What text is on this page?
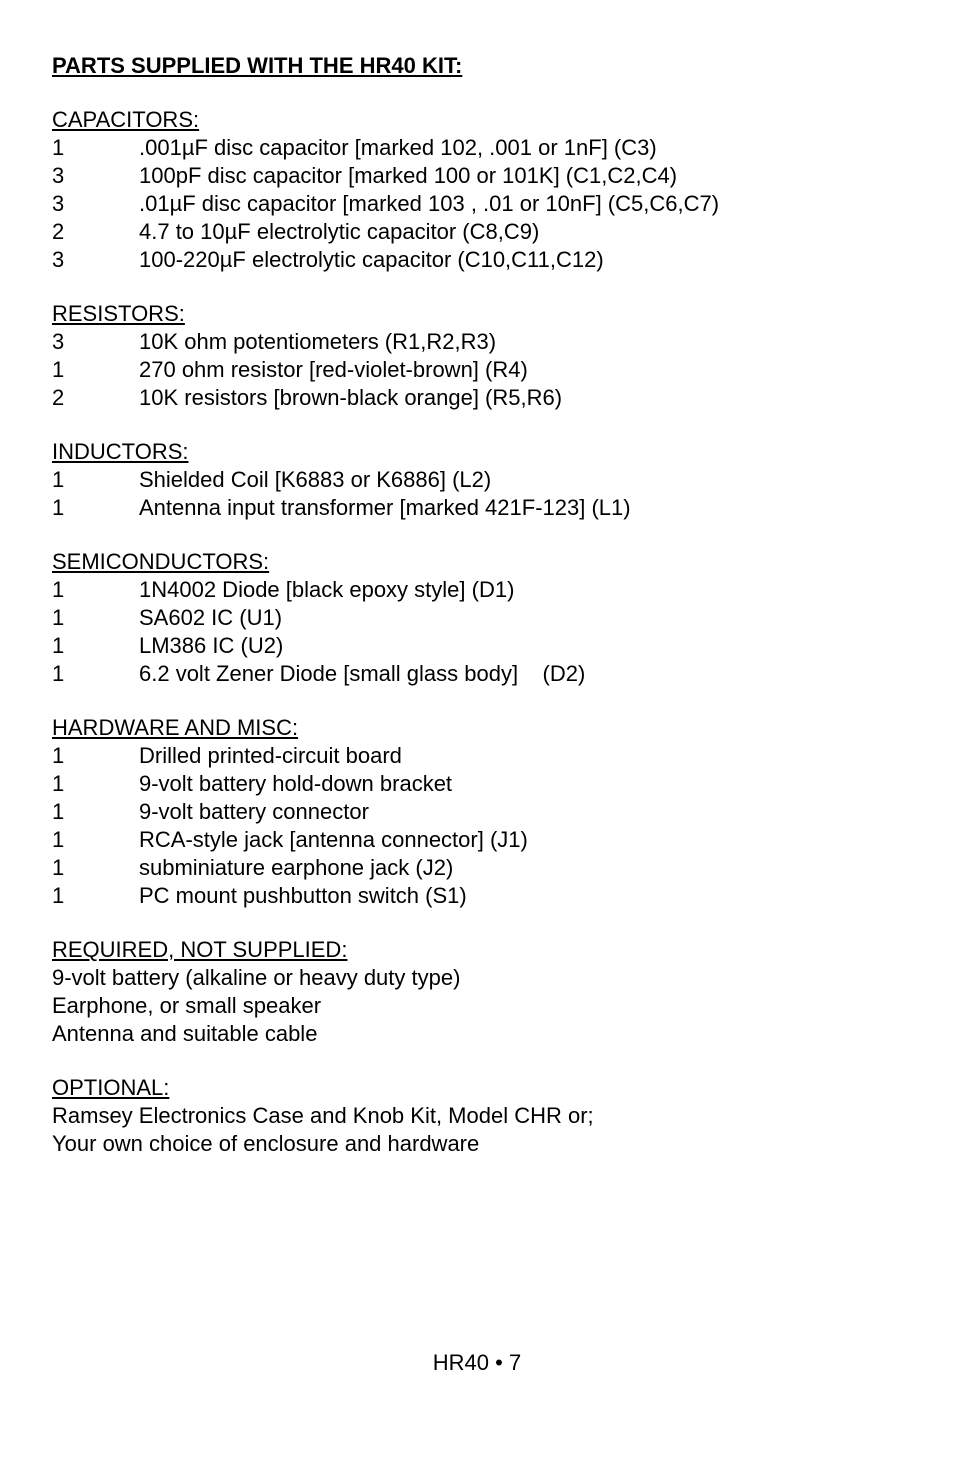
PARTS SUPPLIED WITH THE HR40 KIT:
CAPACITORS:
1	.001µF disc capacitor [marked 102, .001 or 1nF] (C3)
3	100pF disc capacitor [marked 100 or 101K] (C1,C2,C4)
3	.01µF disc capacitor [marked 103 , .01 or 10nF] (C5,C6,C7)
2	4.7 to 10µF electrolytic capacitor (C8,C9)
3	100-220µF electrolytic capacitor (C10,C11,C12)
RESISTORS:
3	10K ohm potentiometers (R1,R2,R3)
1	270 ohm resistor [red-violet-brown] (R4)
2	10K resistors [brown-black orange] (R5,R6)
INDUCTORS:
1	Shielded Coil [K6883 or K6886] (L2)
1	Antenna input transformer [marked 421F-123] (L1)
SEMICONDUCTORS:
1	1N4002 Diode [black epoxy style] (D1)
1	SA602 IC (U1)
1	LM386 IC (U2)
1	6.2 volt Zener Diode [small glass body]    (D2)
HARDWARE AND MISC:
1	Drilled printed-circuit board
1	9-volt battery hold-down bracket
1	9-volt battery connector
1	RCA-style jack [antenna connector] (J1)
1	subminiature earphone jack (J2)
1	PC mount pushbutton switch (S1)
REQUIRED, NOT SUPPLIED:
9-volt battery (alkaline or heavy duty type)
Earphone, or small speaker
Antenna and suitable cable
OPTIONAL:
Ramsey Electronics Case and Knob Kit, Model CHR or;
Your own choice of enclosure and hardware
HR40 • 7
